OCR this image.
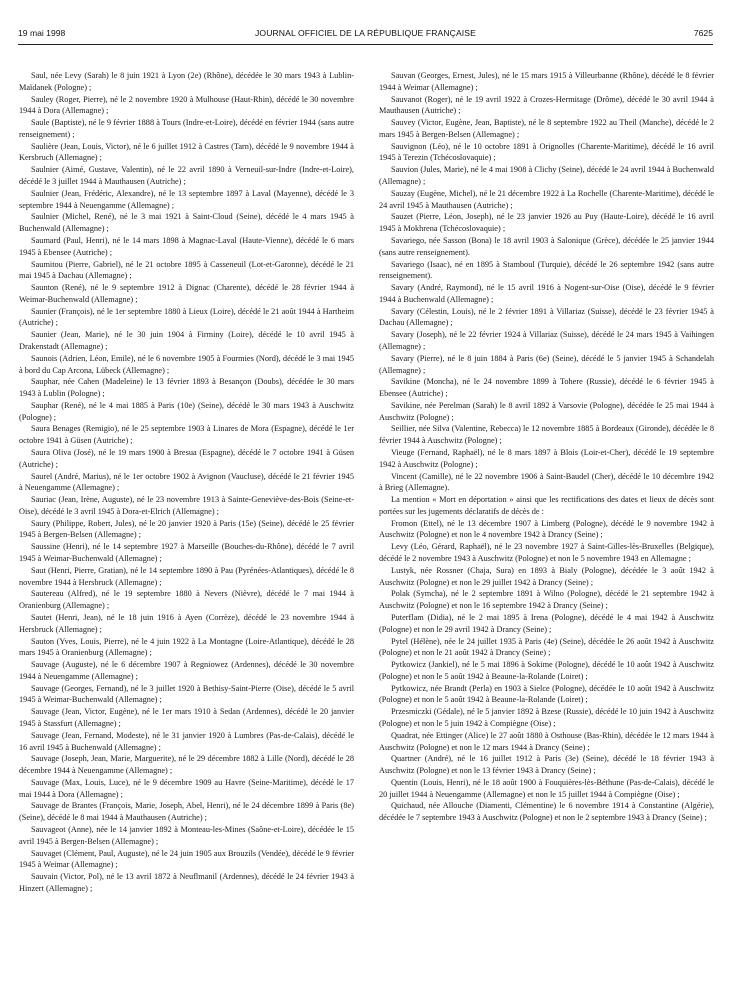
19 mai 1998	JOURNAL OFFICIEL DE LA RÉPUBLIQUE FRANÇAISE	7625

Saul, née Levy (Sarah) le 8 juin 1921 à Lyon (2e) (Rhône), décédée le 30 mars 1943 à Lublin-Maïdanek (Pologne) ;

Sauley (Roger, Pierre), né le 2 novembre 1920 à Mulhouse (Haut-Rhin), décédé le 30 novembre 1944 à Dora (Allemagne) ;

Saule (Baptiste), né le 9 février 1888 à Tours (Indre-et-Loire), décédé en février 1944 (sans autre renseignement) ;

Saulière (Jean, Louis, Victor), né le 6 juillet 1912 à Castres (Tarn), décédé le 9 novembre 1944 à Kersbruch (Allemagne) ;

Saulnier (Aimé, Gustave, Valentin), né le 22 avril 1890 à Verneuil-sur-Indre (Indre-et-Loire), décédé le 3 juillet 1944 à Mauthausen (Autriche) ;

Saulnier (Jean, Frédéric, Alexandre), né le 13 septembre 1897 à Laval (Mayenne), décédé le 3 septembre 1944 à Neuengamme (Allemagne) ;

Saulnier (Michel, René), né le 3 mai 1921 à Saint-Cloud (Seine), décédé le 4 mars 1945 à Buchenwald (Allemagne) ;

Saumard (Paul, Henri), né le 14 mars 1898 à Magnac-Laval (Haute-Vienne), décédé le 6 mars 1945 à Ebensee (Autriche) ;

Saumitou (Pierre, Gabriel), né le 21 octobre 1895 à Casseneuil (Lot-et-Garonne), décédé le 21 mai 1945 à Dachau (Allemagne) ;

Saunton (René), né le 9 septembre 1912 à Dignac (Charente), décédé le 28 février 1944 à Weimar-Buchenwald (Allemagne) ;

Saunier (François), né le 1er septembre 1880 à Lieux (Loire), décédé le 21 août 1944 à Hartheim (Autriche) ;

Saunier (Jean, Marie), né le 30 juin 1904 à Firminy (Loire), décédé le 10 avril 1945 à Drakenstadt (Allemagne) ;

Saunois (Adrien, Léon, Emile), né le 6 novembre 1905 à Fourmies (Nord), décédé le 3 mai 1945 à bord du Cap Arcona, Lübeck (Allemagne) ;

Sauphar, née Cahen (Madeleine) le 13 février 1893 à Besançon (Doubs), décédée le 30 mars 1943 à Lublin (Pologne) ;

Sauphar (René), né le 4 mai 1885 à Paris (10e) (Seine), décédé le 30 mars 1943 à Auschwitz (Pologne) ;

Saura Benages (Remigio), né le 25 septembre 1903 à Linares de Mora (Espagne), décédé le 1er octobre 1941 à Güsen (Autriche) ;

Saura Oliva (José), né le 19 mars 1900 à Bresua (Espagne), décédé le 7 octobre 1941 à Güsen (Autriche) ;

Saurel (André, Marius), né le 1er octobre 1902 à Avignon (Vaucluse), décédé le 21 février 1945 à Neuengamme (Allemagne) ;

Sauriac (Jean, Irène, Auguste), né le 23 novembre 1913 à Sainte-Geneviève-des-Bois (Seine-et-Oise), décédé le 3 avril 1945 à Dora-et-Elrich (Allemagne) ;

Saury (Philippe, Robert, Jules), né le 20 janvier 1920 à Paris (15e) (Seine), décédé le 25 février 1945 à Bergen-Belsen (Allemagne) ;

Saussine (Henri), né le 14 septembre 1927 à Marseille (Bouches-du-Rhône), décédé le 7 avril 1945 à Weimar-Buchenwald (Allemagne) ;

Saut (Henri, Pierre, Gratian), né le 14 septembre 1890 à Pau (Pyrénées-Atlantiques), décédé le 8 novembre 1944 à Hersbruck (Allemagne) ;

Sautereau (Alfred), né le 19 septembre 1880 à Nevers (Nièvre), décédé le 7 mai 1944 à Oranienburg (Allemagne) ;

Sautet (Henri, Jean), né le 18 juin 1916 à Ayen (Corrèze), décédé le 23 novembre 1944 à Hersbruck (Allemagne) ;

Sauton (Yves, Louis, Pierre), né le 4 juin 1922 à La Montagne (Loire-Atlantique), décédé le 28 mars 1945 à Oranienburg (Allemagne) ;

Sauvage (Auguste), né le 6 décembre 1907 à Regniowez (Ardennes), décédé le 30 novembre 1944 à Neuengamme (Allemagne) ;

Sauvage (Georges, Fernand), né le 3 juillet 1920 à Bethisy-Saint-Pierre (Oise), décédé le 5 avril 1945 à Weimar-Buchenwald (Allemagne) ;

Sauvage (Jean, Victor, Eugène), né le 1er mars 1910 à Sedan (Ardennes), décédé le 20 janvier 1945 à Stassfurt (Allemagne) ;

Sauvage (Jean, Fernand, Modeste), né le 31 janvier 1920 à Lumbres (Pas-de-Calais), décédé le 16 avril 1945 à Buchenwald (Allemagne) ;

Sauvage (Joseph, Jean, Marie, Marguerite), né le 29 décembre 1882 à Lille (Nord), décédé le 28 décembre 1944 à Neuengamme (Allemagne) ;

Sauvage (Max, Louis, Luce), né le 9 décembre 1909 au Havre (Seine-Maritime), décédé le 17 mai 1944 à Dora (Allemagne) ;

Sauvage de Brantes (François, Marie, Joseph, Abel, Henri), né le 24 décembre 1899 à Paris (8e) (Seine), décédé le 8 mai 1944 à Mauthausen (Autriche) ;

Sauvageot (Anne), née le 14 janvier 1892 à Monteau-les-Mines (Saône-et-Loire), décédée le 15 avril 1945 à Bergen-Belsen (Allemagne) ;

Sauvaget (Clément, Paul, Auguste), né le 24 juin 1905 aux Brouzils (Vendée), décédé le 9 février 1945 à Weimar (Allemagne) ;

Sauvain (Victor, Pol), né le 13 avril 1872 à Neuflmanil (Ardennes), décédé le 24 février 1943 à Hinzert (Allemagne) ;

Sauvan (Georges, Ernest, Jules), né le 15 mars 1915 à Villeurbanne (Rhône), décédé le 8 février 1944 à Weimar (Allemagne) ;

Sauvanot (Roger), né le 19 avril 1922 à Crozes-Hermitage (Drôme), décédé le 30 avril 1944 à Mauthausen (Autriche) ;

Sauvey (Victor, Eugène, Jean, Baptiste), né le 8 septembre 1922 au Theil (Manche), décédé le 2 mars 1945 à Bergen-Belsen (Allemagne) ;

Sauvignon (Léo), né le 10 octobre 1891 à Orignolles (Charente-Maritime), décédé le 16 avril 1945 à Terezin (Tchécoslovaquie) ;

Sauvion (Jules, Marie), né le 4 mai 1908 à Clichy (Seine), décédé le 24 avril 1944 à Buchenwald (Allemagne) ;

Sauzay (Eugène, Michel), né le 21 décembre 1922 à La Rochelle (Charente-Maritime), décédé le 24 avril 1945 à Mauthausen (Autriche) ;

Sauzet (Pierre, Léon, Joseph), né le 23 janvier 1926 au Puy (Haute-Loire), décédé le 16 avril 1945 à Mokhrena (Tchécoslovaquie) ;

Savariego, née Sasson (Bona) le 18 avril 1903 à Salonique (Grèce), décédée le 25 janvier 1944 (sans autre renseignement).

Savariego (Isaac), né en 1895 à Stamboul (Turquie), décédé le 26 septembre 1942 (sans autre renseignement).

Savary (André, Raymond), né le 15 avril 1916 à Nogent-sur-Oise (Oise), décédé le 9 février 1944 à Buchenwald (Allemagne) ;

Savary (Célestin, Louis), né le 2 février 1891 à Villariaz (Suisse), décédé le 23 février 1945 à Dachau (Allemagne) ;

Savary (Joseph), né le 22 février 1924 à Villariaz (Suisse), décédé le 24 mars 1945 à Vaihingen (Allemagne) ;

Savary (Pierre), né le 8 juin 1884 à Paris (6e) (Seine), décédé le 5 janvier 1945 à Schandelah (Allemagne) ;

Savikine (Moncha), né le 24 novembre 1899 à Tohere (Russie), décédé le 6 février 1945 à Ebensee (Autriche) ;

Savikine, née Perelman (Sarah) le 8 avril 1892 à Varsovie (Pologne), décédée le 25 mai 1944 à Auschwitz (Pologne) ;

Seillier, née Silva (Valentine, Rebecca) le 12 novembre 1885 à Bordeaux (Gironde), décédée le 8 février 1944 à Auschwitz (Pologne) ;

Vieuge (Fernand, Raphaël), né le 8 mars 1897 à Blois (Loir-et-Cher), décédé le 19 septembre 1942 à Auschwitz (Pologne) ;

Vincent (Camille), né le 22 novembre 1906 à Saint-Baudel (Cher), décédé le 10 décembre 1942 à Brieg (Allemagne).

La mention « Mort en déportation » ainsi que les rectifications des dates et lieux de décès sont portées sur les jugements déclaratifs de décès de :

Fromon (Ettel), né le 13 décembre 1907 à Limberg (Pologne), décédé le 9 novembre 1942 à Auschwitz (Pologne) et non le 4 novembre 1942 à Drancy (Seine) ;

Levy (Léo, Gérard, Raphaël), né le 23 novembre 1927 à Saint-Gilles-lès-Bruxelles (Belgique), décédé le 2 novembre 1943 à Auschwitz (Pologne) et non le 5 novembre 1943 en Allemagne ;

Lustyk, née Rossner (Chaja, Sura) en 1893 à Bialy (Pologne), décédée le 3 août 1942 à Auschwitz (Pologne) et non le 29 juillet 1942 à Drancy (Seine) ;

Polak (Symcha), né le 2 septembre 1891 à Wilno (Pologne), décédé le 21 septembre 1942 à Auschwitz (Pologne) et non le 16 septembre 1942 à Drancy (Seine) ;

Puterflam (Didia), né le 2 mai 1895 à Irena (Pologne), décédé le 4 mai 1942 à Auschwitz (Pologne) et non le 29 avril 1942 à Drancy (Seine) ;

Pytel (Hélène), née le 24 juillet 1935 à Paris (4e) (Seine), décédée le 26 août 1942 à Auschwitz (Pologne) et non le 21 août 1942 à Drancy (Seine) ;

Pytkowicz (Jankiel), né le 5 mai 1896 à Sokime (Pologne), décédé le 10 août 1942 à Auschwitz (Pologne) et non le 5 août 1942 à Beaune-la-Rolande (Loiret) ;

Pytkowicz, née Brandt (Perla) en 1903 à Sielce (Pologne), décédée le 10 août 1942 à Auschwitz (Pologne) et non le 5 août 1942 à Beaune-la-Rolande (Loiret) ;

Przesmiczki (Gédale), né le 5 janvier 1892 à Bzese (Russie), décédé le 10 juin 1942 à Auschwitz (Pologne) et non le 5 juin 1942 à Compiègne (Oise) ;

Quadrat, née Ettinger (Alice) le 27 août 1880 à Osthouse (Bas-Rhin), décédée le 12 mars 1944 à Auschwitz (Pologne) et non le 12 mars 1944 à Drancy (Seine) ;

Quartner (André), né le 16 juillet 1912 à Paris (3e) (Seine), décédé le 18 février 1943 à Auschwitz (Pologne) et non le 13 février 1943 à Drancy (Seine) ;

Quentin (Louis, Henri), né le 18 août 1900 à Fouquières-lès-Béthune (Pas-de-Calais), décédé le 20 juillet 1944 à Neuengamme (Allemagne) et non le 15 juillet 1944 à Compiègne (Oise) ;

Quichaud, née Allouche (Diamenti, Clémentine) le 6 novembre 1914 à Constantine (Algérie), décédée le 7 septembre 1943 à Auschwitz (Pologne) et non le 2 septembre 1943 à Drancy (Seine) ;
